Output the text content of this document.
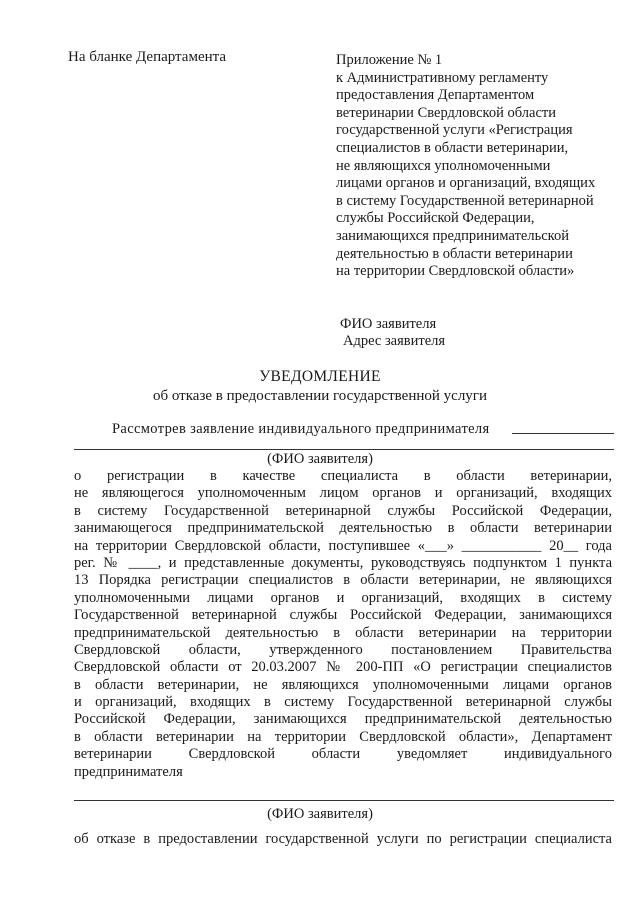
На бланке Департамента	Приложение № 1
к Административному регламенту
предоставления Департаментом
ветеринарии Свердловской области
государственной услуги «Регистрация
специалистов в области ветеринарии,
не являющихся уполномоченными
лицами органов и организаций, входящих
в систему Государственной ветеринарной
службы Российской Федерации,
занимающихся предпринимательской
деятельностью в области ветеринарии
на территории Свердловской области»
ФИО заявителя
Адрес заявителя
УВЕДОМЛЕНИЕ
об отказе в предоставлении государственной услуги
Рассмотрев заявление индивидуального предпринимателя
(ФИО заявителя)
о регистрации в качестве специалиста в области ветеринарии,
не являющегося уполномоченным лицом органов и организаций, входящих
в систему Государственной ветеринарной службы Российской Федерации,
занимающегося предпринимательской деятельностью в области ветеринарии
на территории Свердловской области, поступившее «___» ___________ 20__ года
рег. № ____, и представленные документы, руководствуясь подпунктом 1 пункта
13 Порядка регистрации специалистов в области ветеринарии, не являющихся
уполномоченными лицами органов и организаций, входящих в систему
Государственной ветеринарной службы Российской Федерации, занимающихся
предпринимательской деятельностью в области ветеринарии на территории
Свердловской области, утвержденного постановлением Правительства
Свердловской области от 20.03.2007 № 200-ПП «О регистрации специалистов
в области ветеринарии, не являющихся уполномоченными лицами органов
и организаций, входящих в систему Государственной ветеринарной службы
Российской Федерации, занимающихся предпринимательской деятельностью
в области ветеринарии на территории Свердловской области», Департамент
ветеринарии Свердловской области уведомляет индивидуального
предпринимателя
(ФИО заявителя)
об отказе в предоставлении государственной услуги по регистрации специалиста
